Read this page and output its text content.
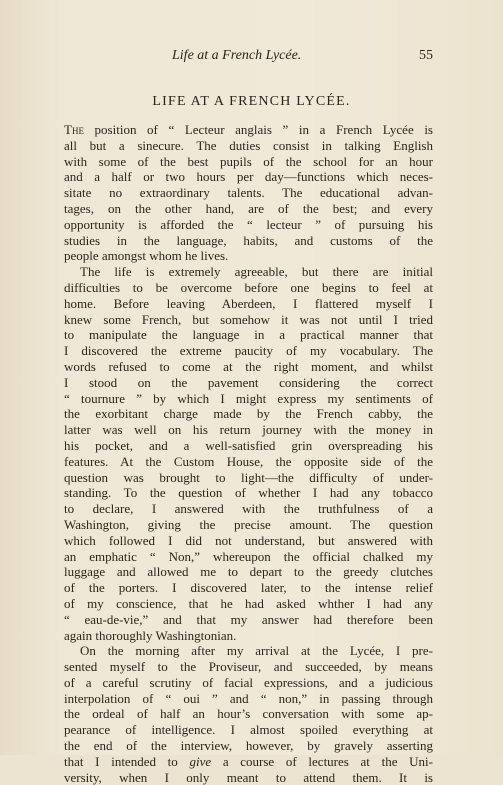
Life at a French Lycée.	55
LIFE AT A FRENCH LYCÉE.
The position of “ Lecteur anglais ” in a French Lycée is
all but a sinecure. The duties consist in talking English
with some of the best pupils of the school for an hour
and a half or two hours per day—functions which neces-
sitate no extraordinary talents. The educational advan-
tages, on the other hand, are of the best; and every
opportunity is afforded the “ lecteur ” of pursuing his
studies in the language, habits, and customs of the
people amongst whom he lives.
The life is extremely agreeable, but there are initial
difficulties to be overcome before one begins to feel at
home. Before leaving Aberdeen, I flattered myself I
knew some French, but somehow it was not until I tried
to manipulate the language in a practical manner that
I discovered the extreme paucity of my vocabulary. The
words refused to come at the right moment, and whilst
I stood on the pavement considering the correct
“ tournure ” by which I might express my sentiments of
the exorbitant charge made by the French cabby, the
latter was well on his return journey with the money in
his pocket, and a well-satisfied grin overspreading his
features. At the Custom House, the opposite side of the
question was brought to light—the difficulty of under-
standing. To the question of whether I had any tobacco
to declare, I answered with the truthfulness of a
Washington, giving the precise amount. The question
which followed I did not understand, but answered with
an emphatic “ Non,” whereupon the official chalked my
luggage and allowed me to depart to the greedy clutches
of the porters. I discovered later, to the intense relief
of my conscience, that he had asked whther I had any
“ eau-de-vie,” and that my answer had therefore been
again thoroughly Washingtonian.
On the morning after my arrival at the Lycée, I pre-
sented myself to the Proviseur, and succeeded, by means
of a careful scrutiny of facial expressions, and a judicious
interpolation of “ oui ” and “ non,” in passing through
the ordeal of half an hour’s conversation with some ap-
pearance of intelligence. I almost spoiled everything at
the end of the interview, however, by gravely asserting
that I intended to give a course of lectures at the Uni-
versity, when I only meant to attend them. It is
